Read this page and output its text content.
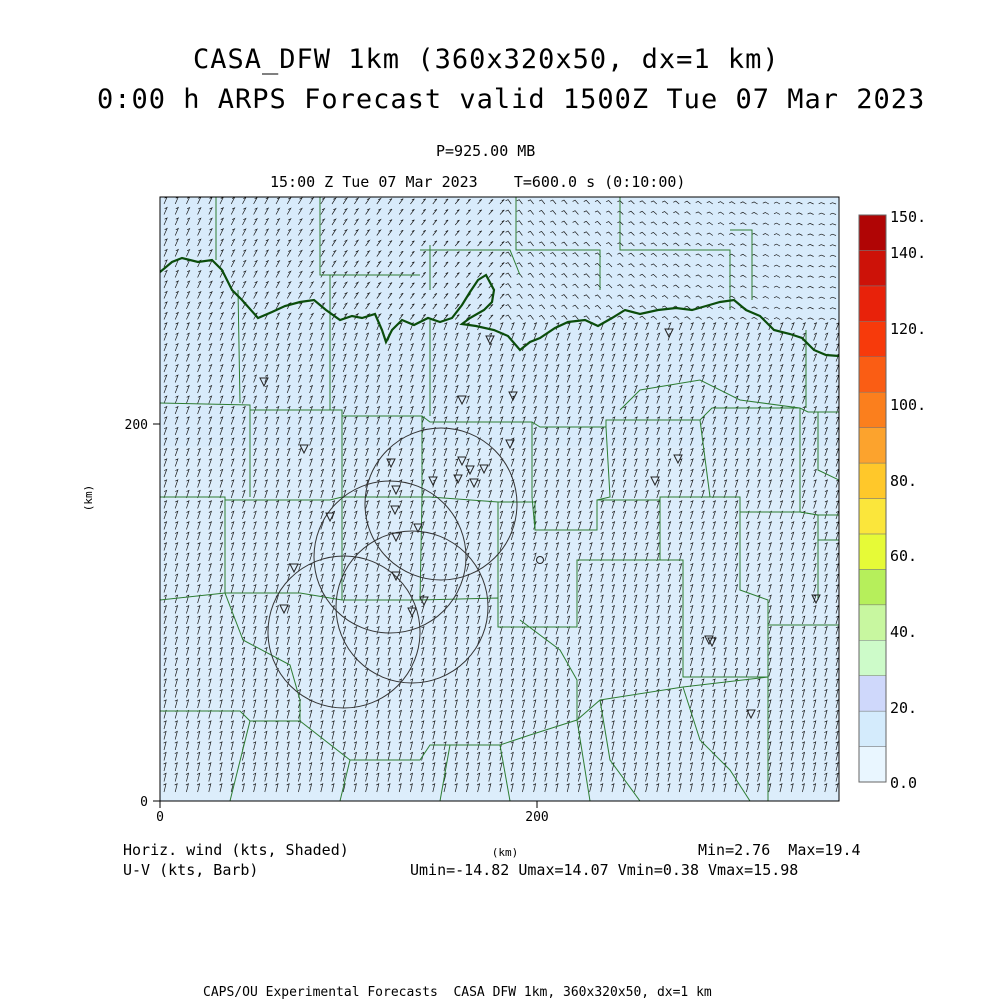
CASA_DFW 1km (360x320x50, dx=1 km)
0:00 h ARPS Forecast valid 1500Z Tue 07 Mar 2023
P=925.00 MB
15:00 Z Tue 07 Mar 2023    T=600.0 s (0:10:00)
0	200
0
200
(km)
(km)
150.
140.
120.
100.
80.
60.
40.
20.
0.0
Horiz. wind (kts, Shaded)
U-V (kts, Barb)
Min=2.76  Max=19.4
Umin=-14.82 Umax=14.07 Vmin=0.38 Vmax=15.98
CAPS/OU Experimental Forecasts  CASA DFW 1km, 360x320x50, dx=1 km
